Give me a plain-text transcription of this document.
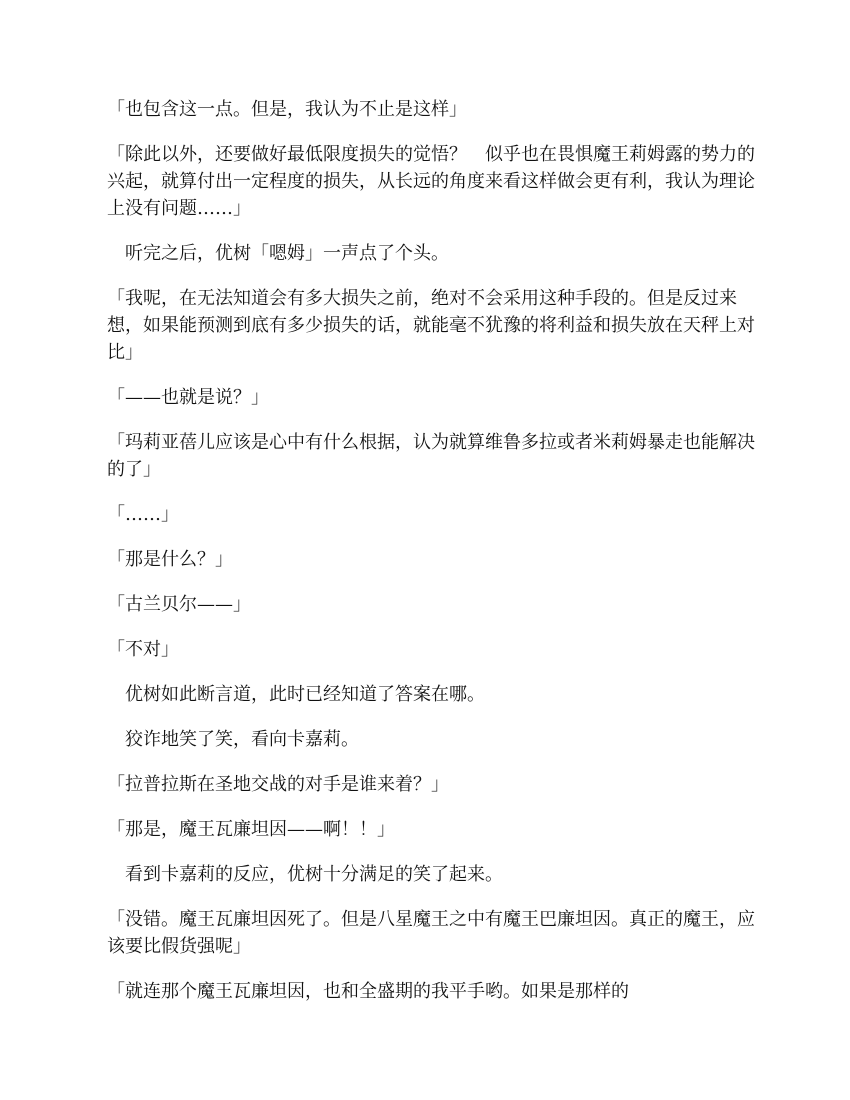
「也包含这一点。但是，我认为不止是这样」

「除此以外，还要做好最低限度损失的觉悟？　似乎也在畏惧魔王莉姆露的势力的兴起，就算付出一定程度的损失，从长远的角度来看这样做会更有利，我认为理论上没有问题……」

听完之后，优树「嗯姆」一声点了个头。

「我呢，在无法知道会有多大损失之前，绝对不会采用这种手段的。但是反过来想，如果能预测到底有多少损失的话，就能毫不犹豫的将利益和损失放在天秤上对比」

「——也就是说？」

「玛莉亚蓓儿应该是心中有什么根据，认为就算维鲁多拉或者米莉姆暴走也能解决的了」

「……」

「那是什么？」

「古兰贝尔——」

「不对」

优树如此断言道，此时已经知道了答案在哪。

狡诈地笑了笑，看向卡嘉莉。

「拉普拉斯在圣地交战的对手是谁来着？」

「那是，魔王瓦廉坦因——啊！！」

看到卡嘉莉的反应，优树十分满足的笑了起来。

「没错。魔王瓦廉坦因死了。但是八星魔王之中有魔王巴廉坦因。真正的魔王，应该要比假货强呢」

「就连那个魔王瓦廉坦因，也和全盛期的我平手哟。如果是那样的
